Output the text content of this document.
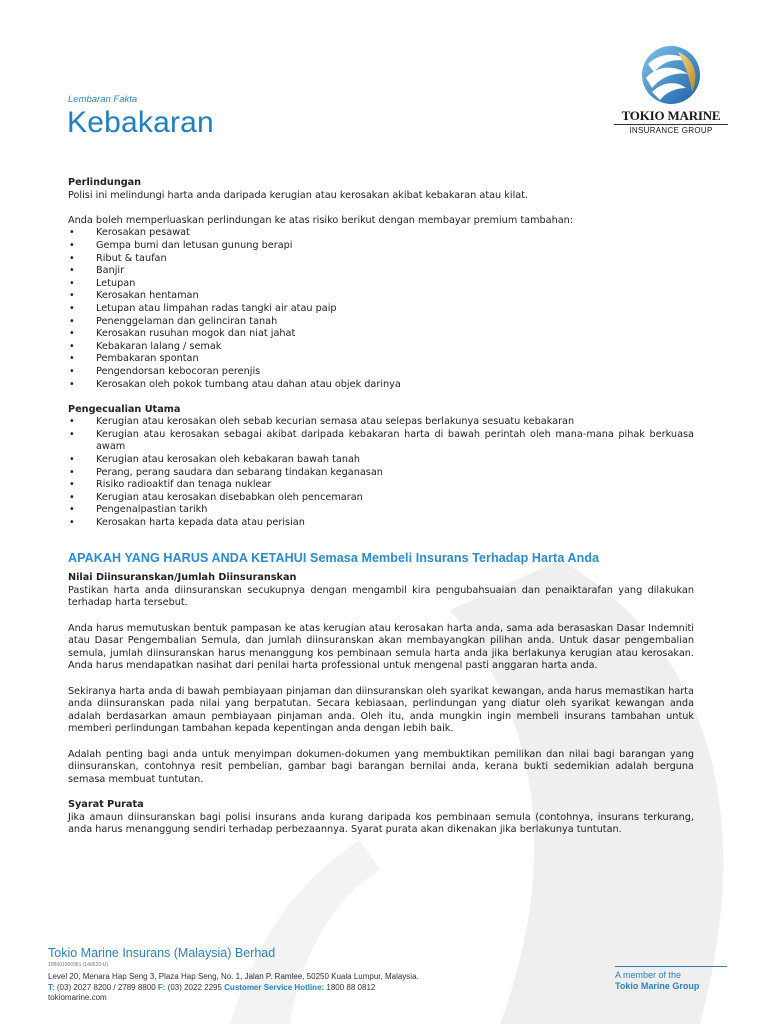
Lembaran Fakta
Kebakaran	TOKIO MARINE
INSURANCE GROUP

Perlindungan

Polisi ini melindungi harta anda daripada kerugian atau kerosakan akibat kebakaran atau kilat.

Anda boleh memperluaskan perlindungan ke atas risiko berikut dengan membayar premium tambahan:

• Kerosakan pesawat
• Gempa bumi dan letusan gunung berapi
• Ribut & taufan
• Banjir
• Letupan
• Kerosakan hentaman
• Letupan atau limpahan radas tangki air atau paip
• Penenggelaman dan gelinciran tanah
• Kerosakan rusuhan mogok dan niat jahat
• Kebakaran lalang / semak
• Pembakaran spontan
• Pengendorsan kebocoran perenjis
• Kerosakan oleh pokok tumbang atau dahan atau objek darinya

Pengecualian Utama

• Kerugian atau kerosakan oleh sebab kecurian semasa atau selepas berlakunya sesuatu kebakaran
• Kerugian atau kerosakan sebagai akibat daripada kebakaran harta di bawah perintah oleh mana-mana pihak berkuasa awam
• Kerugian atau kerosakan oleh kebakaran bawah tanah
• Perang, perang saudara dan sebarang tindakan keganasan
• Risiko radioaktif dan tenaga nuklear
• Kerugian atau kerosakan disebabkan oleh pencemaran
• Pengenalpastian tarikh
• Kerosakan harta kepada data atau perisian

APAKAH YANG HARUS ANDA KETAHUI Semasa Membeli Insurans Terhadap Harta Anda

Nilai Diinsuranskan/Jumlah Diinsuranskan

Pastikan harta anda diinsuranskan secukupnya dengan mengambil kira pengubahsuaian dan penaiktarafan yang dilakukan terhadap harta tersebut.

Anda harus memutuskan bentuk pampasan ke atas kerugian atau kerosakan harta anda, sama ada berasaskan Dasar Indemniti atau Dasar Pengembalian Semula, dan jumlah diinsuranskan akan membayangkan pilihan anda. Untuk dasar pengembalian semula, jumlah diinsuranskan harus menanggung kos pembinaan semula harta anda jika berlakunya kerugian atau kerosakan. Anda harus mendapatkan nasihat dari penilai harta professional untuk mengenal pasti anggaran harta anda.

Sekiranya harta anda di bawah pembiayaan pinjaman dan diinsuranskan oleh syarikat kewangan, anda harus memastikan harta anda diinsuranskan pada nilai yang berpatutan. Secara kebiasaan, perlindungan yang diatur oleh syarikat kewangan anda adalah berdasarkan amaun pembiayaan pinjaman anda. Oleh itu, anda mungkin ingin membeli insurans tambahan untuk memberi perlindungan tambahan kepada kepentingan anda dengan lebih baik.

Adalah penting bagi anda untuk menyimpan dokumen-dokumen yang membuktikan pemilikan dan nilai bagi barangan yang diinsuranskan, contohnya resit pembelian, gambar bagi barangan bernilai anda, kerana bukti sedemikian adalah berguna semasa membuat tuntutan.

Syarat Purata

Jika amaun diinsuranskan bagi polisi insurans anda kurang daripada kos pembinaan semula (contohnya, insurans terkurang, anda harus menanggung sendiri terhadap perbezaannya. Syarat purata akan dikenakan jika berlakunya tuntutan.

Tokio Marine Insurans (Malaysia) Berhad

198601000381 (149520-U)

Level 20, Menara Hap Seng 3, Plaza Hap Seng, No. 1, Jalan P. Ramlee, 50250 Kuala Lumpur, Malaysia.

T: (03) 2027 8200 / 2789 8800 F: (03) 2022 2295 Customer Service Hotline: 1800 88 0812

tokiomarine.com

A member of the

Tokio Marine Group
